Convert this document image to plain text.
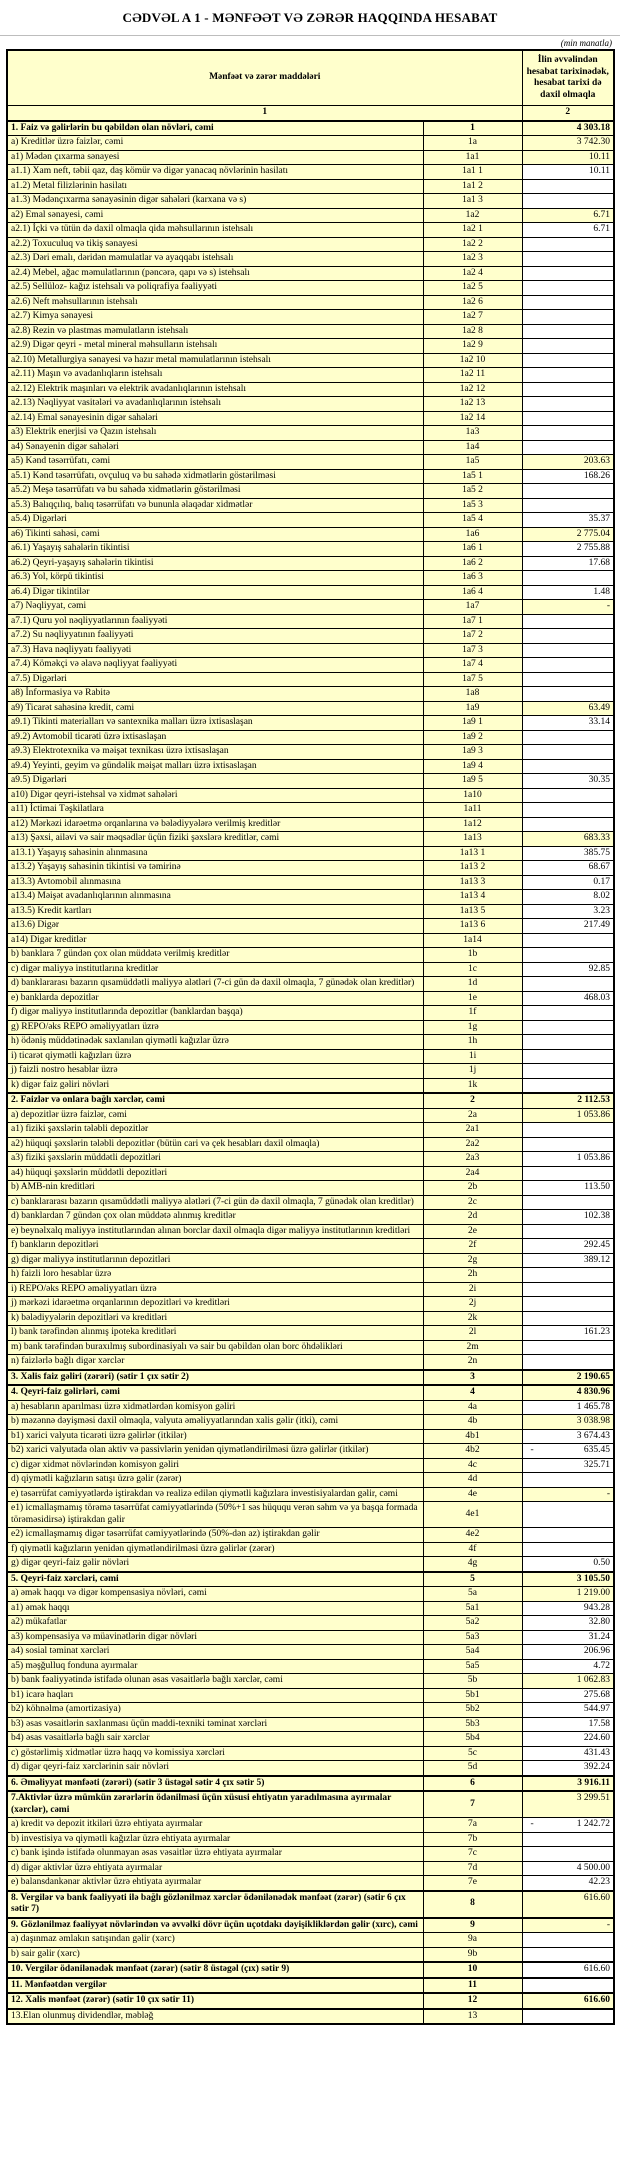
CƏDVƏL A 1 - MƏNFƏƏT VƏ ZƏRƏR HAQQINDA HESABAT
(min manatla)
Mənfəət və zərər maddələri		İlin əvvəlindən hesabat tarixinədək, hesabat tarixi də daxil olmaqla
1		2
1. Faiz və gəlirlərin bu qəbildən olan növləri, cəmi	1	4 303.18
a) Kreditlər üzrə faizlər, cəmi	1a	3 742.30
a1) Mədən çıxarma sənayesi	1a1	10.11
a1.1) Xam neft, təbii qaz, daş kömür və digər yanacaq növlərinin hasilatı	1a1 1	10.11
a1.2) Metal filizlərinin hasilatı	1a1 2	
a1.3) Mədənçıxarma sənayəsinin digər sahələri (karxana və s)	1a1 3	
a2) Emal sənayesi, cəmi	1a2	6.71
a2.1) İçki və tütün də daxil olmaqla qida məhsullarının istehsalı	1a2 1	6.71
a2.2) Toxuculuq və tikiş sənayesi	1a2 2	
a2.3) Dəri emalı, dəridən məmulatlar və ayaqqabı istehsalı	1a2 3	
a2.4) Mebel, ağac məmulatlarının (pəncərə, qapı və s) istehsalı	1a2 4	
a2.5) Sellüloz- kağız istehsalı və poliqrafiya fəaliyyəti	1a2 5	
a2.6) Neft məhsullarının istehsalı	1a2 6	
a2.7) Kimya sənayesi	1a2 7	
a2.8) Rezin və plastmas məmulatların istehsalı	1a2 8	
a2.9) Digər qeyri - metal mineral məhsulların istehsalı	1a2 9	
a2.10) Metallurgiya sənayesi və hazır metal məmulatlarının istehsalı	1a2 10	
a2.11) Maşın və avadanlıqların istehsalı	1a2 11	
a2.12) Elektrik maşınları və elektrik avadanlıqlarının istehsalı	1a2 12	
a2.13) Nəqliyyat vasitələri və avadanlıqlarının istehsalı	1a2 13	
a2.14) Emal sənayesinin digər sahələri	1a2 14	
a3) Elektrik enerjisi və Qazın istehsalı	1a3	
a4) Sənayenin digər sahələri	1a4	
a5) Kənd təsərrüfatı, cəmi	1a5	203.63
a5.1) Kənd təsərrüfatı, ovçuluq və bu sahədə xidmətlərin göstərilməsi	1a5 1	168.26
a5.2) Meşə təsərrüfatı və bu sahədə xidmətlərin göstərilməsi	1a5 2	
a5.3) Balıqçılıq, balıq təsərrüfatı və bununla əlaqədar xidmətlər	1a5 3	
a5.4) Digərləri	1a5 4	35.37
a6) Tikinti sahəsi, cəmi	1a6	2 775.04
a6.1) Yaşayış sahələrin tikintisi	1a6 1	2 755.88
a6.2) Qeyri-yaşayış sahələrin tikintisi	1a6 2	17.68
a6.3) Yol, körpü tikintisi	1a6 3	
a6.4) Digər tikintilər	1a6 4	1.48
a7) Nəqliyyat, cəmi	1a7	-
a7.1) Quru yol nəqliyyatlarının fəaliyyəti	1a7 1	
a7.2) Su nəqliyyatının fəaliyyəti	1a7 2	
a7.3) Hava nəqliyyatı fəaliyyəti	1a7 3	
a7.4) Köməkçi və əlavə nəqliyyat fəaliyyəti	1a7 4	
a7.5) Digərləri	1a7 5	
a8) İnformasiya və Rabitə	1a8	
a9) Ticarət sahəsinə kredit, cəmi	1a9	63.49
a9.1) Tikinti materialları və santexnika malları üzrə ixtisaslaşan	1a9 1	33.14
a9.2) Avtomobil ticarəti üzrə ixtisaslaşan	1a9 2	
a9.3) Elektrotexnika və məişət texnikası üzrə ixtisaslaşan	1a9 3	
a9.4) Yeyinti, geyim və gündəlik məişət malları üzrə ixtisaslaşan	1a9 4	
a9.5) Digərləri	1a9 5	30.35
a10) Digər qeyri-istehsal və xidmət sahələri	1a10	
a11) İctimai Təşkilatlara	1a11	
a12) Mərkəzi idarəetmə orqanlarına və bələdiyyələrə verilmiş kreditlər	1a12	
a13) Şəxsi, ailəvi və sair məqsədlər üçün fiziki şəxslərə kreditlər, cəmi	1a13	683.33
a13.1) Yaşayış sahəsinin alınmasına	1a13 1	385.75
a13.2) Yaşayış sahəsinin tikintisi və təmirinə	1a13 2	68.67
a13.3) Avtomobil alınmasına	1a13 3	0.17
a13.4) Məişət avadanlıqlarının alınmasına	1a13 4	8.02
a13.5) Kredit kartları	1a13 5	3.23
a13.6) Digər	1a13 6	217.49
a14) Digər kreditlər	1a14	
b) banklara 7 gündən çox olan müddətə verilmiş kreditlər	1b	
c) digər maliyyə institutlarına kreditlər	1c	92.85
d) banklararası bazarın qısamüddətli maliyyə alətləri (7-ci gün də daxil olmaqla, 7 günədək olan kreditlər)	1d	
e) banklarda depozitlər	1e	468.03
f) digər maliyyə institutlarında depozitlər (banklardan başqa)	1f	
g) REPO/əks REPO əməliyyatları üzrə	1g	
h) ödəniş müddətinədək saxlanılan qiymətli kağızlar üzrə	1h	
i) ticarət qiymətli kağızları üzrə	1i	
j) faizli nostro hesablar üzrə	1j	
k) digər faiz gəliri növləri	1k	
2. Faizlər və onlara bağlı xərclər, cəmi	2	2 112.53
a) depozitlər üzrə faizlər, cəmi	2a	1 053.86
a1) fiziki şəxslərin tələbli depozitlər	2a1	
a2) hüquqi şəxslərin tələbli depozitlər (bütün cari və çek hesabları daxil olmaqla)	2a2	
a3) fiziki şəxslərin müddətli depozitləri	2a3	1 053.86
a4) hüquqi şəxslərin müddətli depozitləri	2a4	
b) AMB-nin kreditləri	2b	113.50
c) banklararası bazarın qısamüddətli maliyyə alətləri (7-ci gün də daxil olmaqla, 7 günədək olan kreditlər)	2c	
d) banklardan 7 gündən çox olan müddətə alınmış kreditlər	2d	102.38
e) beynəlxalq maliyyə institutlarından alınan borclar daxil olmaqla digər maliyyə institutlarının kreditləri	2e	
f) bankların depozitləri	2f	292.45
g) digər maliyyə institutlarının depozitləri	2g	389.12
h) faizli loro hesablar üzrə	2h	
i) REPO/əks REPO əməliyyatları üzrə	2i	
j) mərkəzi idarəetmə orqanlarının depozitləri və kreditləri	2j	
k) bələdiyyələrin depozitləri və kreditləri	2k	
l) bank tərəfindən alınmış ipoteka kreditləri	2l	161.23
m) bank tərəfindən buraxılmış subordinasiyalı və sair bu qəbildən olan borc öhdəlikləri	2m	
n) faizlərlə bağlı digər xərclər	2n	
3. Xalis faiz gəliri (zərəri) (sətir 1 çıx sətir 2)	3	2 190.65
4. Qeyri-faiz gəlirləri, cəmi	4	4 830.96
a) hesabların aparılması üzrə xidmətlərdən komisyon gəliri	4a	1 465.78
b) məzənnə dəyişməsi daxil olmaqla, valyuta əməliyyatlarından xalis gəlir (itki), cəmi	4b	3 038.98
b1) xarici valyuta ticarəti üzrə gəlirlər (itkilər)	4b1	3 674.43
b2) xarici valyutada olan aktiv və passivlərin yenidən qiymətləndirilməsi üzrə gəlirlər (itkilər)	4b2	- 635.45
c) digər xidmət növlərindən komisyon gəliri	4c	325.71
d) qiymətli kağızların satışı üzrə gəlir (zərər)	4d	
e) təsərrüfat cəmiyyətlərdə iştirakdan və realizə edilən qiymətli kağızlara investisiyalardan gəlir, cəmi	4e	-
e1) icmallaşmamış törəmə təsərrüfat cəmiyyətlərində (50%+1 səs hüququ verən səhm və ya başqa formada törəməsidirsə) iştirakdan gəlir	4e1	
e2) icmallaşmamış digər təsərrüfat cəmiyyətlərində (50%-dən az) iştirakdan gəlir	4e2	
f) qiymətli kağızların yenidən qiymətləndirilməsi üzrə gəlirlər (zərər)	4f	
g) digər qeyri-faiz gəlir növləri	4g	0.50
5. Qeyri-faiz xərcləri, cəmi	5	3 105.50
a) əmək haqqı və digər kompensasiya növləri, cəmi	5a	1 219.00
a1) əmək haqqı	5a1	943.28
a2) mükafatlar	5a2	32.80
a3) kompensasiya və müavinətlərin digər növləri	5a3	31.24
a4) sosial təminat xərcləri	5a4	206.96
a5) məşğulluq fonduna ayırmalar	5a5	4.72
b) bank fəaliyyətində istifadə olunan əsas vəsaitlərlə bağlı xərclər, cəmi	5b	1 062.83
b1) icarə haqları	5b1	275.68
b2) köhnəlmə (amortizasiya)	5b2	544.97
b3) əsas vəsaitlərin saxlanması üçün maddi-texniki təminat xərcləri	5b3	17.58
b4) əsas vəsaitlərlə bağlı sair xərclər	5b4	224.60
c) göstərlimiş xidmətlər üzrə haqq və komissiya xərcləri	5c	431.43
d) digər qeyri-faiz xərclərinin sair növləri	5d	392.24
6. Əməliyyat mənfəəti (zərəri) (sətir 3 üstəgəl sətir 4 çıx sətir 5)	6	3 916.11
7.Aktivlər üzrə mümkün zərərlərin ödənilməsi üçün xüsusi ehtiyatın yaradılmasına ayırmalar (xərclər), cəmi	7	3 299.51
a) kredit və depozit itkiləri üzrə ehtiyata ayırmalar	7a	- 1 242.72
b) investisiya və qiymətli kağızlar üzrə ehtiyata ayırmalar	7b	
c) bank işində istifadə olunmayan əsas vəsaitlər üzrə ehtiyata ayırmalar	7c	
d) digər aktivlər üzrə ehtiyata ayırmalar	7d	4 500.00
e) balansdankənar aktivlər üzrə ehtiyata ayırmalar	7e	42.23
8. Vergilər və bank fəaliyyəti ilə bağlı gözlənilməz xərclər ödənilənədək mənfəət (zərər) (sətir 6 çıx sətir 7)	8	616.60
9. Gözlənilməz fəaliyyət növlərindən və əvvəlki dövr üçün uçotdakı dəyişikliklərdən gəlir (xırc), cəmi	9	-
a) daşınmaz əmlakın satışından gəlir (xərc)	9a	
b) sair gəlir (xərc)	9b	
10. Vergilər ödənilənədək mənfəət (zərər) (sətir 8 üstəgəl (çıx) sətir 9)	10	616.60
11. Mənfəətdən vergilər	11	
12. Xalis mənfəət (zərər) (sətir 10 çıx sətir 11)	12	616.60
13.Elan olunmuş dividendlər, məbləğ	13	
